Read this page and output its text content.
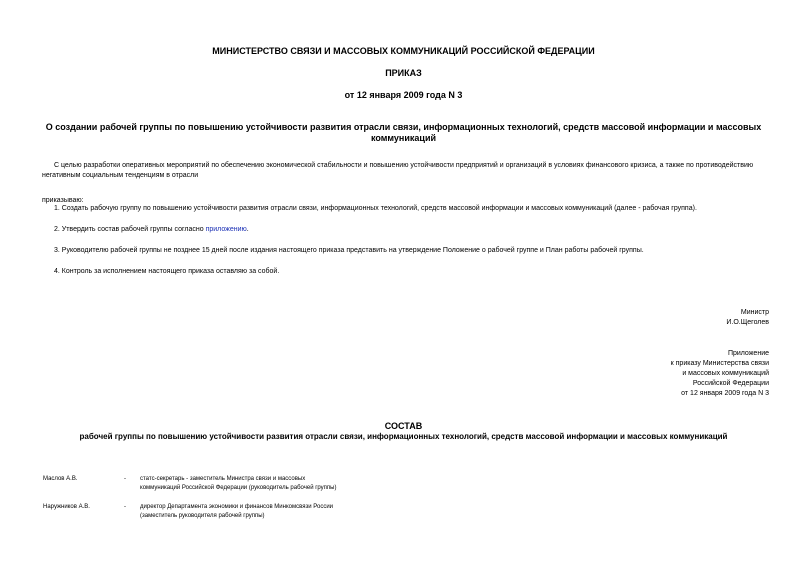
МИНИСТЕРСТВО СВЯЗИ И МАССОВЫХ КОММУНИКАЦИЙ РОССИЙСКОЙ ФЕДЕРАЦИИ
ПРИКАЗ
от 12 января 2009 года N 3
О создании рабочей группы по повышению устойчивости развития отрасли связи, информационных технологий, средств массовой информации и массовых коммуникаций
С целью разработки оперативных мероприятий по обеспечению экономической стабильности и повышению устойчивости предприятий и организаций в условиях финансового кризиса, а также по противодействию негативным социальным тенденциям в отрасли
приказываю:
1. Создать рабочую группу по повышению устойчивости развития отрасли связи, информационных технологий, средств массовой информации и массовых коммуникаций (далее - рабочая группа).
2. Утвердить состав рабочей группы согласно приложению.
3. Руководителю рабочей группы не позднее 15 дней после издания настоящего приказа представить на утверждение Положение о рабочей группе и План работы рабочей группы.
4. Контроль за исполнением настоящего приказа оставляю за собой.
Министр
И.О.Щеголев
Приложение
к приказу Министерства связи
и массовых коммуникаций
Российской Федерации
от 12 января 2009 года N 3
СОСТАВ
рабочей группы по повышению устойчивости развития отрасли связи, информационных технологий, средств массовой информации и массовых коммуникаций
Маслов А.В.	- статс-секретарь - заместитель Министра связи и массовых коммуникаций Российской Федерации (руководитель рабочей группы)
Наружников А.В.	- директор Департамента экономики и финансов Минкомсвязи России (заместитель руководителя рабочей группы)
